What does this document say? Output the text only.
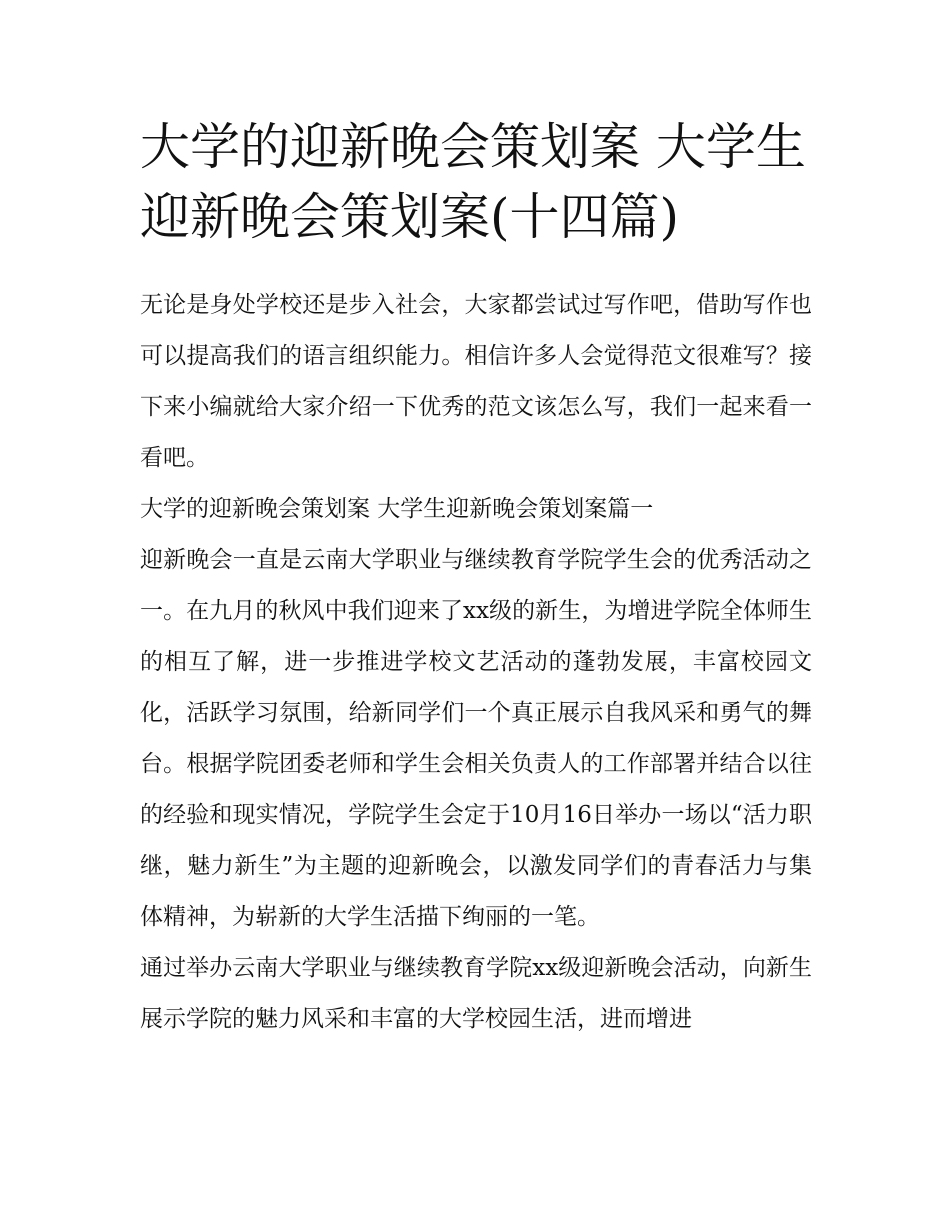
大学的迎新晚会策划案 大学生迎新晚会策划案(十四篇)

无论是身处学校还是步入社会，大家都尝试过写作吧，借助写作也可以提高我们的语言组织能力。相信许多人会觉得范文很难写？接下来小编就给大家介绍一下优秀的范文该怎么写，我们一起来看一看吧。

大学的迎新晚会策划案 大学生迎新晚会策划案篇一

迎新晚会一直是云南大学职业与继续教育学院学生会的优秀活动之一。在九月的秋风中我们迎来了xx级的新生，为增进学院全体师生的相互了解，进一步推进学校文艺活动的蓬勃发展，丰富校园文化，活跃学习氛围，给新同学们一个真正展示自我风采和勇气的舞台。根据学院团委老师和学生会相关负责人的工作部署并结合以往的经验和现实情况，学院学生会定于10月16日举办一场以“活力职继，魅力新生”为主题的迎新晚会，以激发同学们的青春活力与集体精神，为崭新的大学生活描下绚丽的一笔。

通过举办云南大学职业与继续教育学院xx级迎新晚会活动，向新生展示学院的魅力风采和丰富的大学校园生活，进而增进
